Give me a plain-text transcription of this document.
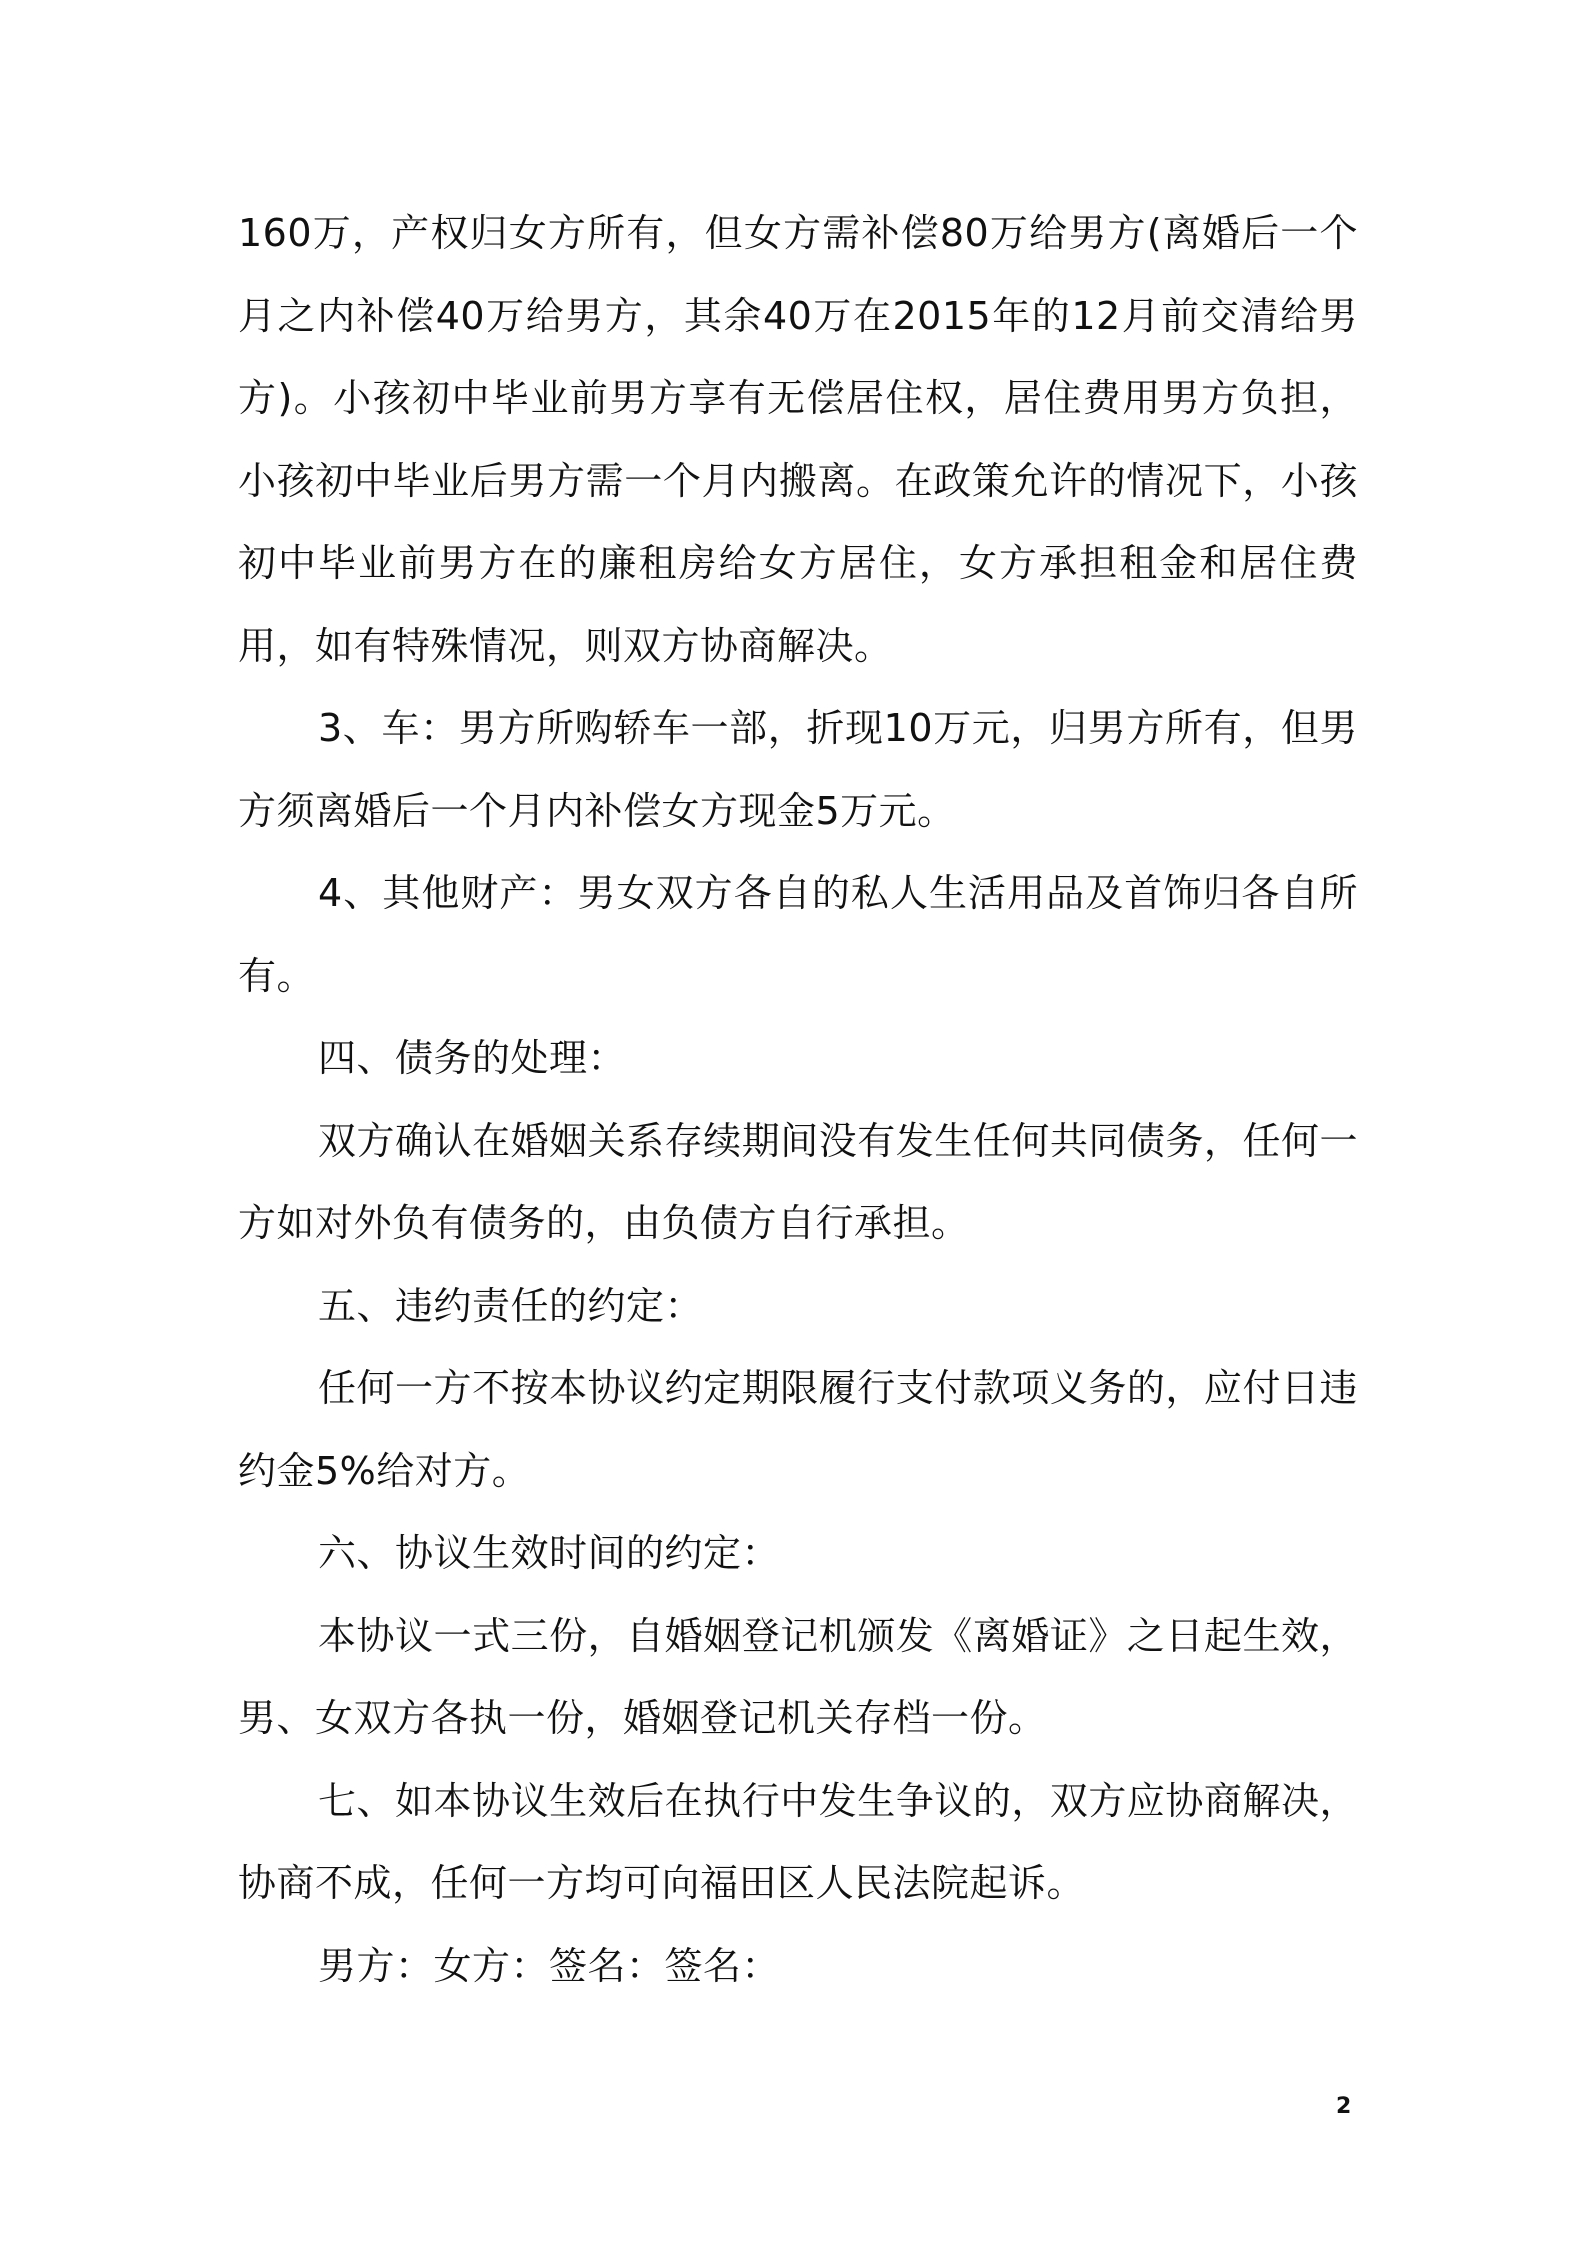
160万，产权归女方所有，但女方需补偿80万给男方(离婚后一个月之内补偿40万给男方，其余40万在2015年的12月前交清给男方)。小孩初中毕业前男方享有无偿居住权，居住费用男方负担，小孩初中毕业后男方需一个月内搬离。在政策允许的情况下，小孩初中毕业前男方在的廉租房给女方居住，女方承担租金和居住费用，如有特殊情况，则双方协商解决。

3、车：男方所购轿车一部，折现10万元，归男方所有，但男方须离婚后一个月内补偿女方现金5万元。

4、其他财产：男女双方各自的私人生活用品及首饰归各自所有。

四、债务的处理：

双方确认在婚姻关系存续期间没有发生任何共同债务，任何一方如对外负有债务的，由负债方自行承担。

五、违约责任的约定：

任何一方不按本协议约定期限履行支付款项义务的，应付日违约金5%给对方。

六、协议生效时间的约定：

本协议一式三份，自婚姻登记机颁发《离婚证》之日起生效，男、女双方各执一份，婚姻登记机关存档一份。

七、如本协议生效后在执行中发生争议的，双方应协商解决，协商不成，任何一方均可向福田区人民法院起诉。

男方：女方：签名：签名：

2
